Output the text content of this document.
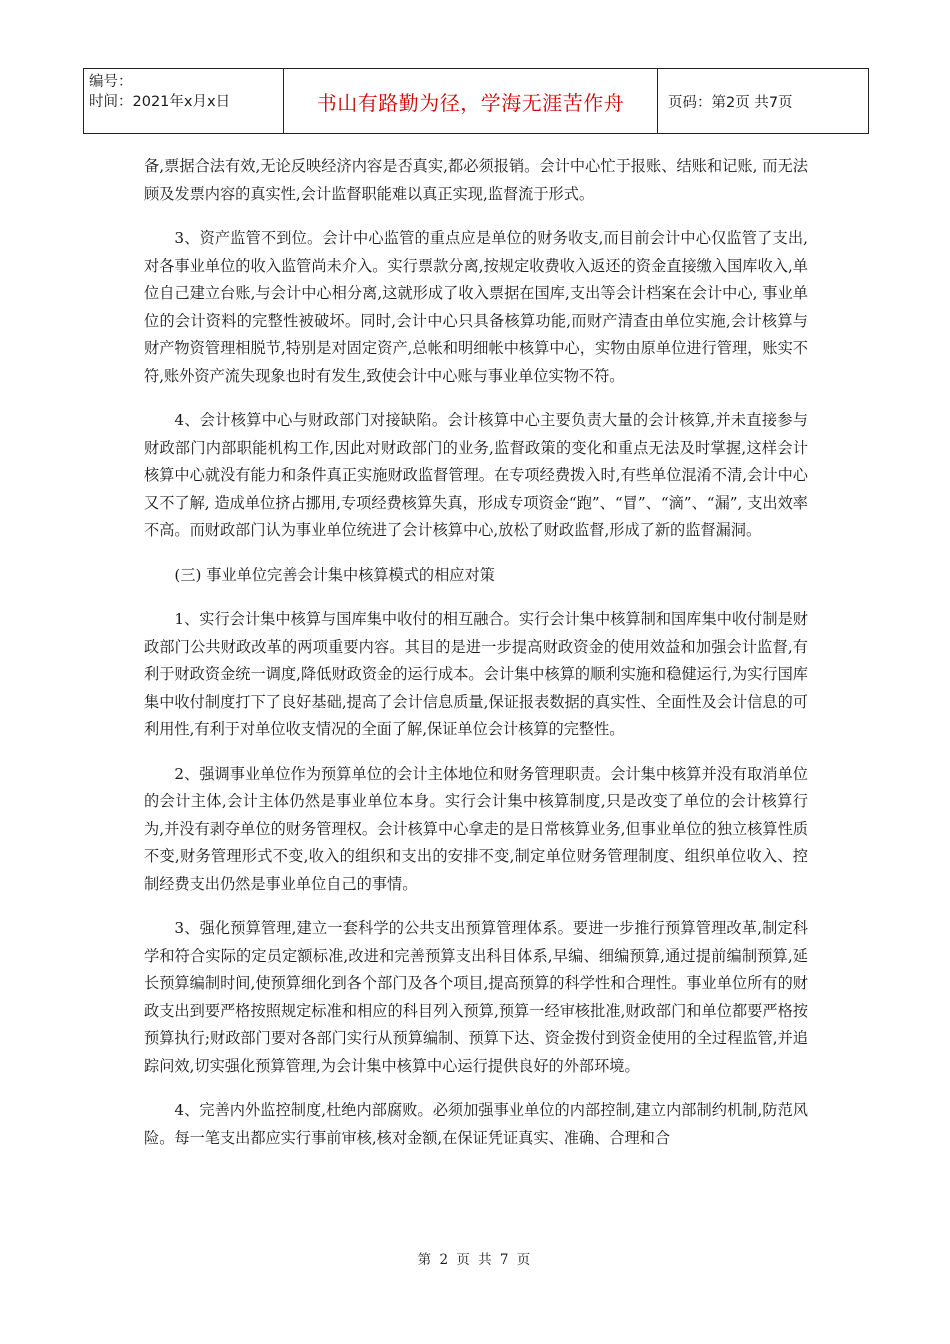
编号：
时间：2021年x月x日	书山有路勤为径，学海无涯苦作舟	页码：第2页 共7页

备,票据合法有效,无论反映经济内容是否真实,都必须报销。会计中心忙于报账、结账和记账, 而无法顾及发票内容的真实性,会计监督职能难以真正实现,监督流于形式。

3、资产监管不到位。会计中心监管的重点应是单位的财务收支,而目前会计中心仅监管了支出,对各事业单位的收入监管尚未介入。实行票款分离,按规定收费收入返还的资金直接缴入国库收入,单位自己建立台账,与会计中心相分离,这就形成了收入票据在国库,支出等会计档案在会计中心, 事业单位的会计资料的完整性被破坏。同时,会计中心只具备核算功能,而财产清查由单位实施,会计核算与财产物资管理相脱节,特别是对固定资产,总帐和明细帐中核算中心，实物由原单位进行管理，账实不符,账外资产流失现象也时有发生,致使会计中心账与事业单位实物不符。

4、会计核算中心与财政部门对接缺陷。会计核算中心主要负责大量的会计核算,并未直接参与财政部门内部职能机构工作,因此对财政部门的业务,监督政策的变化和重点无法及时掌握,这样会计核算中心就没有能力和条件真正实施财政监督管理。在专项经费拨入时,有些单位混淆不清,会计中心又不了解, 造成单位挤占挪用,专项经费核算失真，形成专项资金“跑”、“冒”、“滴”、“漏”, 支出效率不高。而财政部门认为事业单位统进了会计核算中心,放松了财政监督,形成了新的监督漏洞。

(三) 事业单位完善会计集中核算模式的相应对策

1、实行会计集中核算与国库集中收付的相互融合。实行会计集中核算制和国库集中收付制是财政部门公共财政改革的两项重要内容。其目的是进一步提高财政资金的使用效益和加强会计监督,有利于财政资金统一调度,降低财政资金的运行成本。会计集中核算的顺利实施和稳健运行,为实行国库集中收付制度打下了良好基础,提高了会计信息质量,保证报表数据的真实性、全面性及会计信息的可利用性,有利于对单位收支情况的全面了解,保证单位会计核算的完整性。

2、强调事业单位作为预算单位的会计主体地位和财务管理职责。会计集中核算并没有取消单位的会计主体,会计主体仍然是事业单位本身。实行会计集中核算制度,只是改变了单位的会计核算行为,并没有剥夺单位的财务管理权。会计核算中心拿走的是日常核算业务,但事业单位的独立核算性质不变,财务管理形式不变,收入的组织和支出的安排不变,制定单位财务管理制度、组织单位收入、控制经费支出仍然是事业单位自己的事情。

3、强化预算管理,建立一套科学的公共支出预算管理体系。要进一步推行预算管理改革,制定科学和符合实际的定员定额标准,改进和完善预算支出科目体系,早编、细编预算,通过提前编制预算,延长预算编制时间,使预算细化到各个部门及各个项目,提高预算的科学性和合理性。事业单位所有的财政支出到要严格按照规定标准和相应的科目列入预算,预算一经审核批准,财政部门和单位都要严格按预算执行;财政部门要对各部门实行从预算编制、预算下达、资金拨付到资金使用的全过程监管,并追踪问效,切实强化预算管理,为会计集中核算中心运行提供良好的外部环境。

4、完善内外监控制度,杜绝内部腐败。必须加强事业单位的内部控制,建立内部制约机制,防范风险。每一笔支出都应实行事前审核,核对金额,在保证凭证真实、准确、合理和合

第 2 页 共 7 页
